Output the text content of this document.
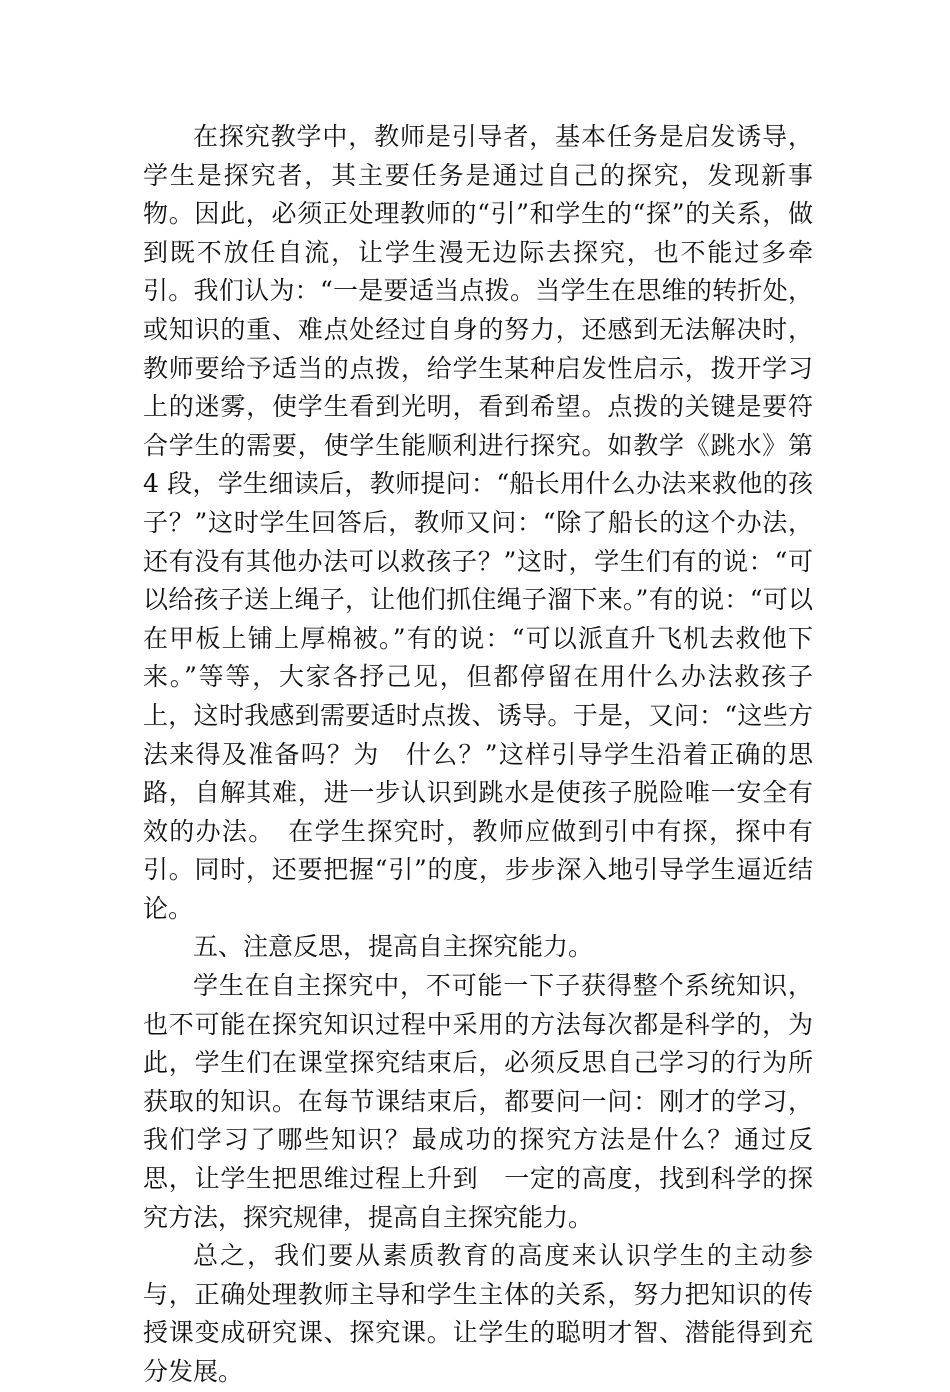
在探究教学中，教师是引导者，基本任务是启发诱导，学生是探究者，其主要任务是通过自己的探究，发现新事物。因此，必须正处理教师的“引”和学生的“探”的关系，做到既不放任自流，让学生漫无边际去探究，也不能过多牵引。我们认为：“一是要适当点拨。当学生在思维的转折处，或知识的重、难点处经过自身的努力，还感到无法解决时，教师要给予适当的点拨，给学生某种启发性启示，拨开学习上的迷雾，使学生看到光明，看到希望。点拨的关键是要符合学生的需要，使学生能顺利进行探究。如教学《跳水》第 4 段，学生细读后，教师提问：“船长用什么办法来救他的孩子？”这时学生回答后，教师又问：“除了船长的这个办法，还有没有其他办法可以救孩子？”这时，学生们有的说：“可以给孩子送上绳子，让他们抓住绳子溜下来。”有的说：“可以在甲板上铺上厚棉被。”有的说：“可以派直升飞机去救他下来。”等等，大家各抒己见，但都停留在用什么办法救孩子上，这时我感到需要适时点拨、诱导。于是，又问：“这些方法来得及准备吗？为　什么？”这样引导学生沿着正确的思路，自解其难，进一步认识到跳水是使孩子脱险唯一安全有效的办法。　在学生探究时，教师应做到引中有探，探中有引。同时，还要把握“引”的度，步步深入地引导学生逼近结论。

五、注意反思，提高自主探究能力。

学生在自主探究中，不可能一下子获得整个系统知识，也不可能在探究知识过程中采用的方法每次都是科学的，为此，学生们在课堂探究结束后，必须反思自己学习的行为所获取的知识。在每节课结束后，都要问一问：刚才的学习，我们学习了哪些知识？最成功的探究方法是什么？通过反思，让学生把思维过程上升到　一定的高度，找到科学的探究方法，探究规律，提高自主探究能力。

总之，我们要从素质教育的高度来认识学生的主动参与，正确处理教师主导和学生主体的关系，努力把知识的传授课变成研究课、探究课。让学生的聪明才智、潜能得到充分发展。
